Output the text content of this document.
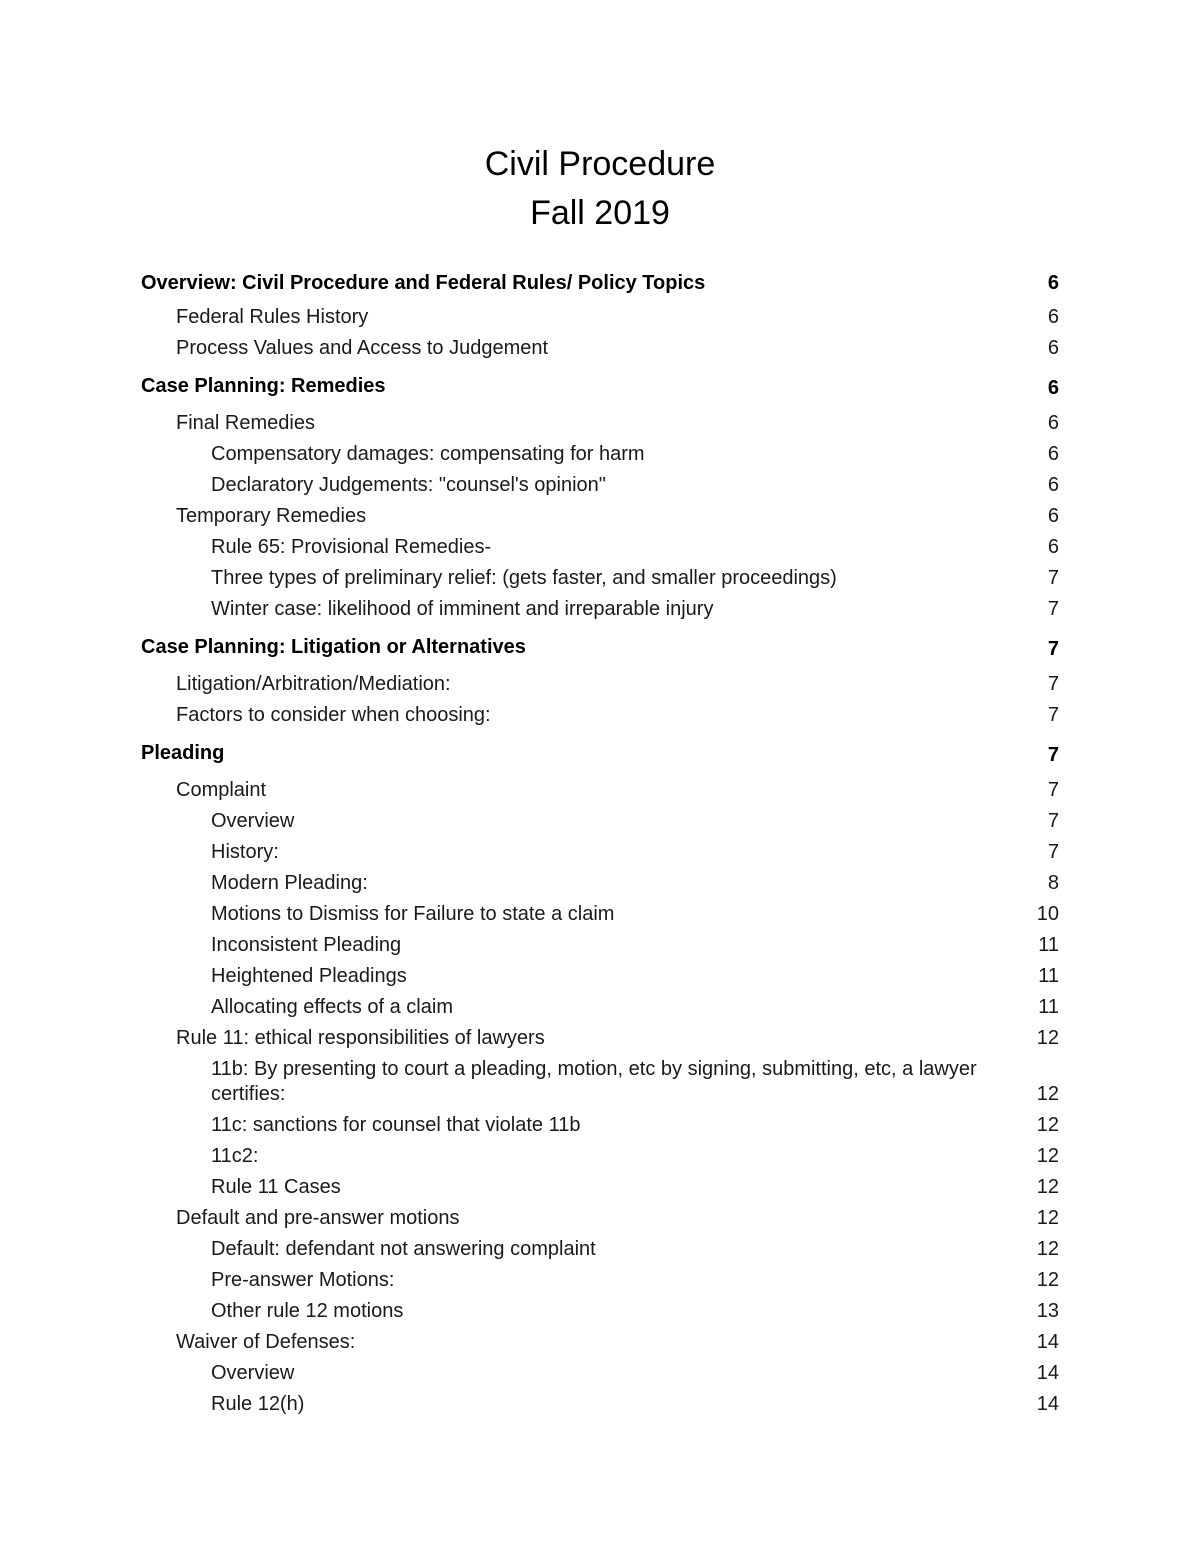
Civil Procedure
Fall 2019
Overview: Civil Procedure and Federal Rules/ Policy Topics	6
Federal Rules History	6
Process Values and Access to Judgement	6
Case Planning: Remedies	6
Final Remedies	6
Compensatory damages: compensating for harm	6
Declaratory Judgements: "counsel's opinion"	6
Temporary Remedies	6
Rule 65: Provisional Remedies-	6
Three types of preliminary relief: (gets faster, and smaller proceedings)	7
Winter case: likelihood of imminent and irreparable injury	7
Case Planning: Litigation or Alternatives	7
Litigation/Arbitration/Mediation:	7
Factors to consider when choosing:	7
Pleading	7
Complaint	7
Overview	7
History:	7
Modern Pleading:	8
Motions to Dismiss for Failure to state a claim	10
Inconsistent Pleading	11
Heightened Pleadings	11
Allocating effects of a claim	11
Rule 11: ethical responsibilities of lawyers	12
11b: By presenting to court a pleading, motion, etc by signing, submitting, etc, a lawyer certifies:	12
11c: sanctions for counsel that violate 11b	12
11c2:	12
Rule 11 Cases	12
Default and pre-answer motions	12
Default: defendant not answering complaint	12
Pre-answer Motions:	12
Other rule 12 motions	13
Waiver of Defenses:	14
Overview	14
Rule 12(h)	14
